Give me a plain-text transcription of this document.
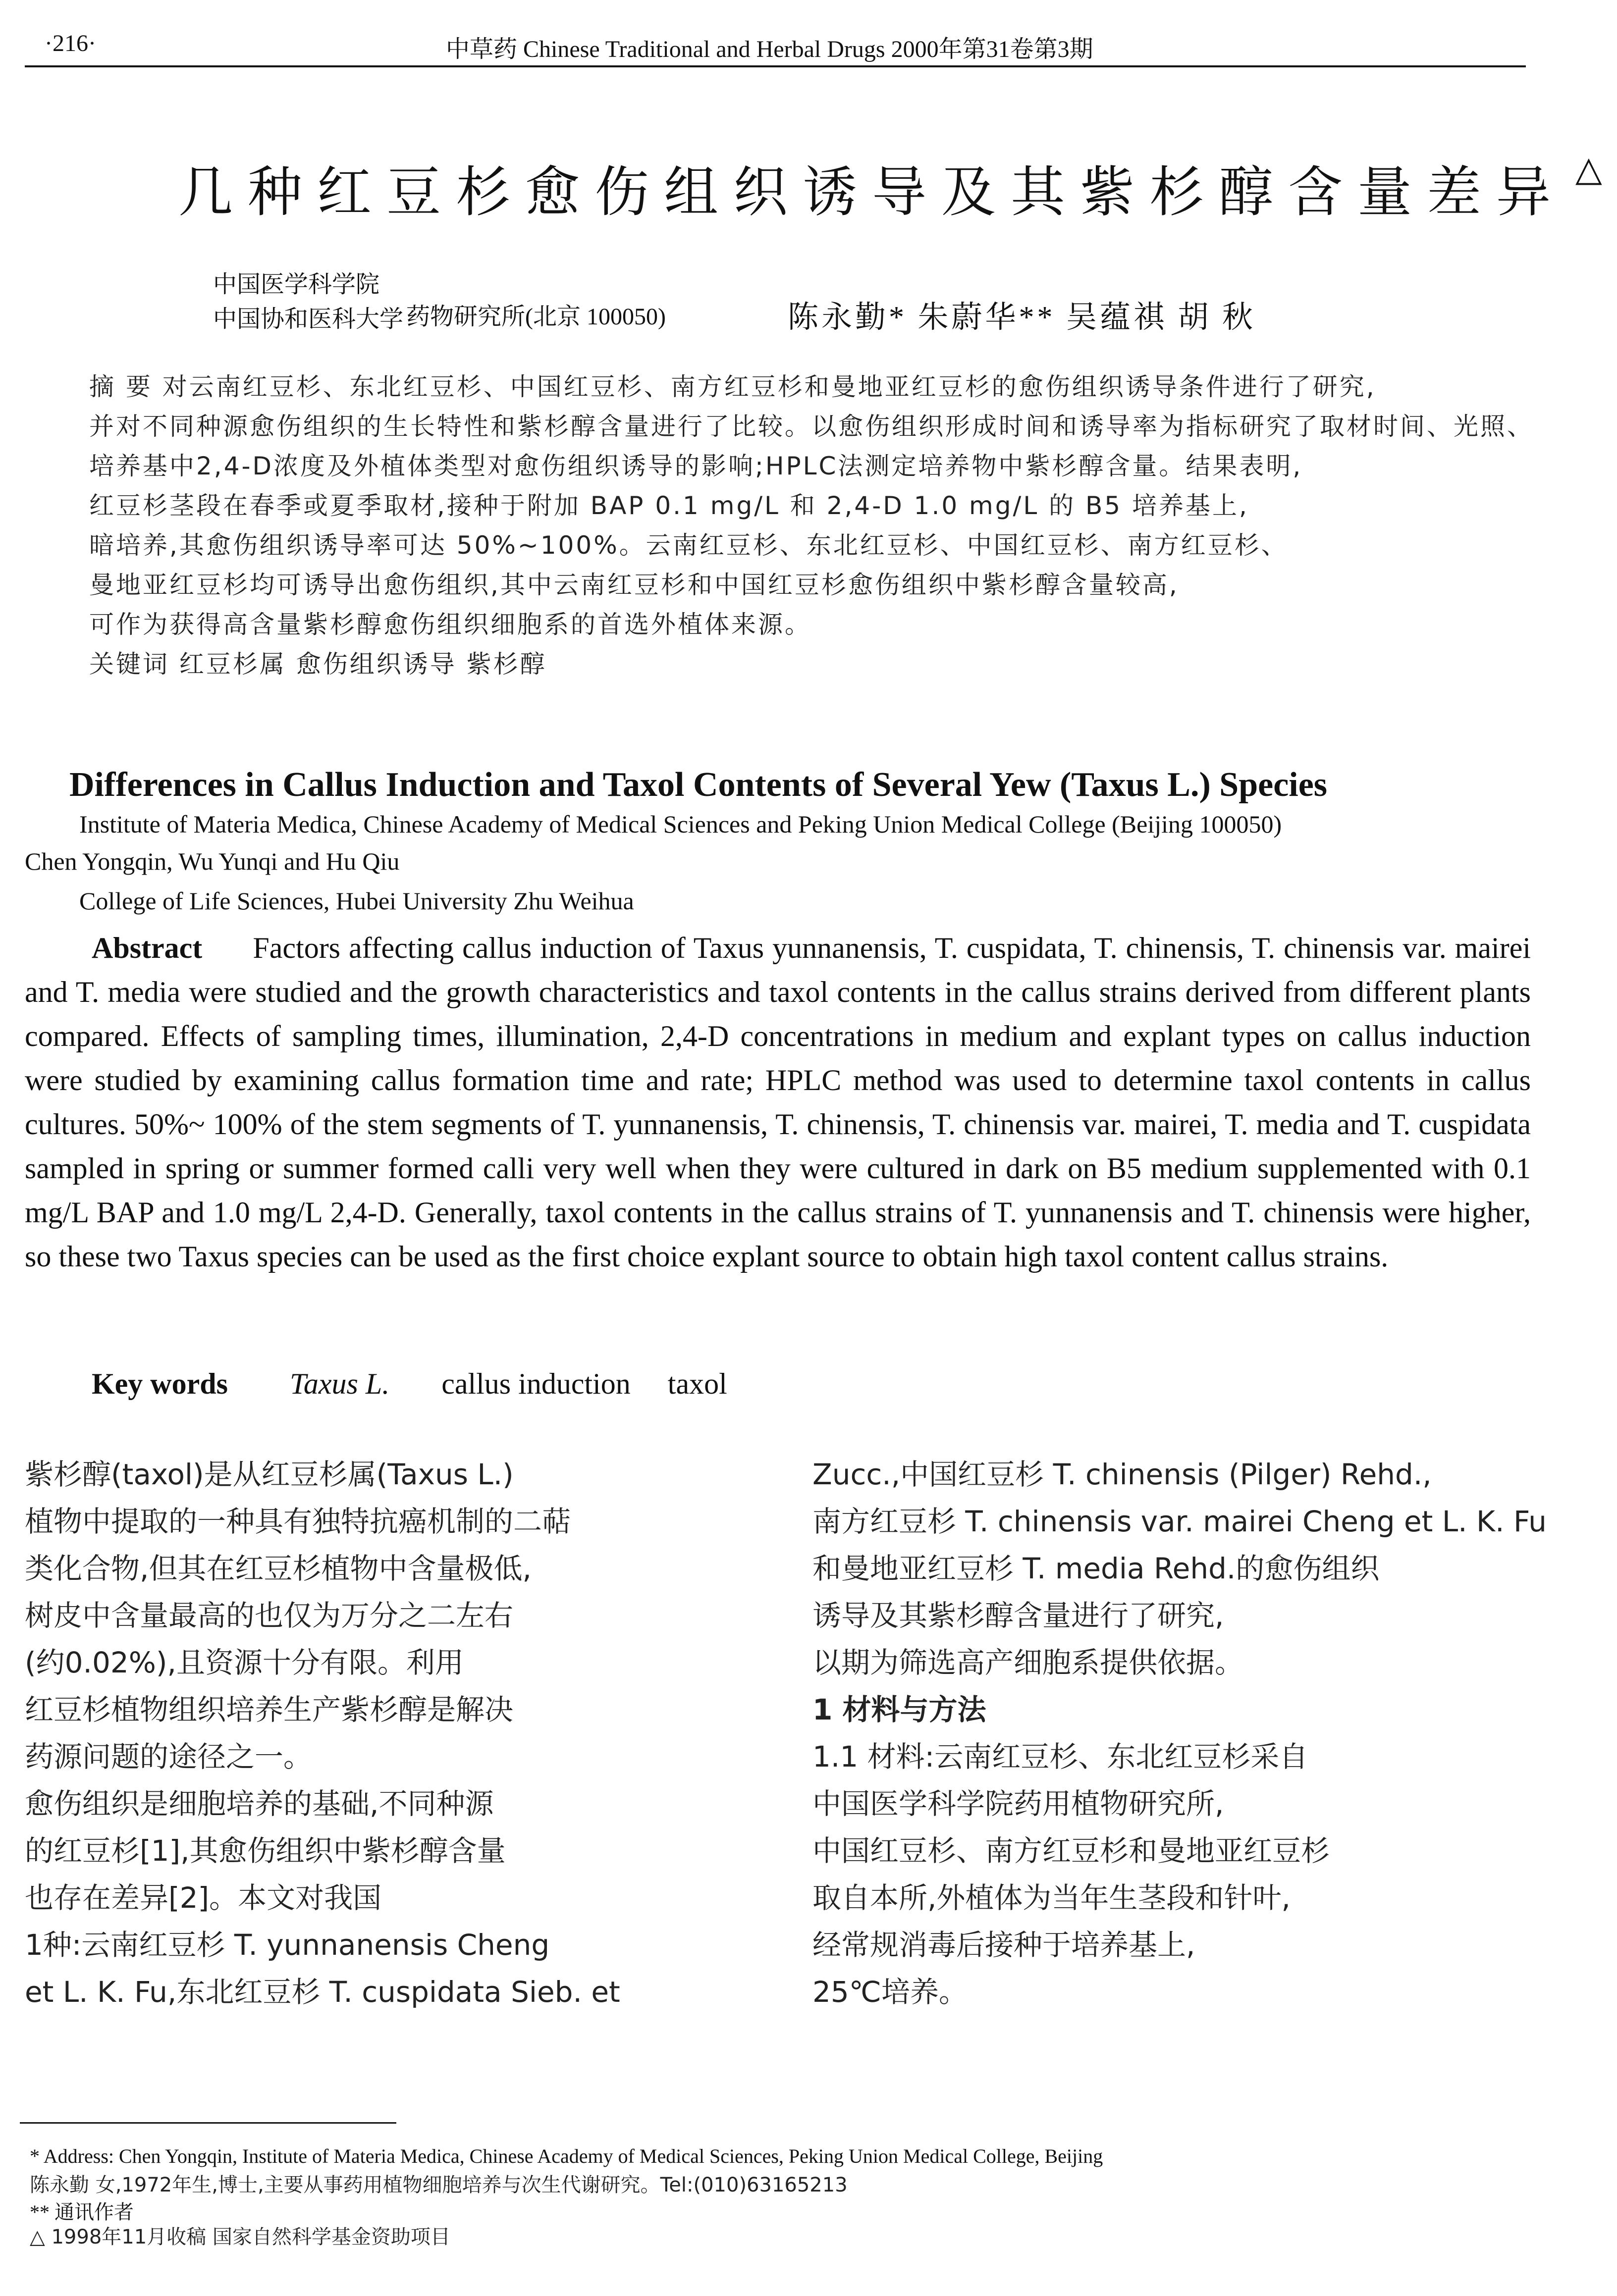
·216·	中草药 Chinese Traditional and Herbal Drugs 2000年第31卷第3期
几种红豆杉愈伤组织诱导及其紫杉醇含量差异 △
中国医学科学院
中国协和医科大学 药物研究所(北京 100050)	陈永勤* 朱蔚华** 吴蕴祺 胡 秋
摘 要 对云南红豆杉、东北红豆杉、中国红豆杉、南方红豆杉和曼地亚红豆杉的愈伤组织诱导条件进行了研究,
并对不同种源愈伤组织的生长特性和紫杉醇含量进行了比较。以愈伤组织形成时间和诱导率为指标研究了取材时间、光照、
培养基中2,4-D浓度及外植体类型对愈伤组织诱导的影响;HPLC法测定培养物中紫杉醇含量。结果表明,
红豆杉茎段在春季或夏季取材,接种于附加 BAP 0.1 mg/L 和 2,4-D 1.0 mg/L 的 B5 培养基上,
暗培养,其愈伤组织诱导率可达 50%~100%。云南红豆杉、东北红豆杉、中国红豆杉、南方红豆杉、
曼地亚红豆杉均可诱导出愈伤组织,其中云南红豆杉和中国红豆杉愈伤组织中紫杉醇含量较高,
可作为获得高含量紫杉醇愈伤组织细胞系的首选外植体来源。
关键词 红豆杉属 愈伤组织诱导 紫杉醇
Differences in Callus Induction and Taxol Contents of Several Yew (Taxus L.) Species
Institute of Materia Medica, Chinese Academy of Medical Sciences and Peking Union Medical College (Beijing 100050)
Chen Yongqin, Wu Yunqi and Hu Qiu
College of Life Sciences, Hubei University Zhu Weihua
Abstract Factors affecting callus induction of Taxus yunnanensis, T. cuspidata, T. chinensis, T. chinensis var. mairei and T. media were studied and the growth characteristics and taxol contents in the callus strains derived from different plants compared. Effects of sampling times, illumination, 2,4-D concentrations in medium and explant types on callus induction were studied by examining callus formation time and rate; HPLC method was used to determine taxol contents in callus cultures. 50%~ 100% of the stem segments of T. yunnanensis, T. chinensis, T. chinensis var. mairei, T. media and T. cuspidata sampled in spring or summer formed calli very well when they were cultured in dark on B5 medium supplemented with 0.1 mg/L BAP and 1.0 mg/L 2,4-D. Generally, taxol contents in the callus strains of T. yunnanensis and T. chinensis were higher, so these two Taxus species can be used as the first choice explant source to obtain high taxol content callus strains.
Key words Taxus L. callus induction taxol
紫杉醇(taxol)是从红豆杉属(Taxus L.)
植物中提取的一种具有独特抗癌机制的二萜
类化合物,但其在红豆杉植物中含量极低,
树皮中含量最高的也仅为万分之二左右
(约0.02%),且资源十分有限。利用
红豆杉植物组织培养生产紫杉醇是解决
药源问题的途径之一。
愈伤组织是细胞培养的基础,不同种源
的红豆杉[1],其愈伤组织中紫杉醇含量
也存在差异[2]。本文对我国
1种:云南红豆杉 T. yunnanensis Cheng
et L. K. Fu,东北红豆杉 T. cuspidata Sieb. et
Zucc.,中国红豆杉 T. chinensis (Pilger) Rehd.,
南方红豆杉 T. chinensis var. mairei Cheng et L. K. Fu
和曼地亚红豆杉 T. media Rehd.的愈伤组织
诱导及其紫杉醇含量进行了研究,
以期为筛选高产细胞系提供依据。
1 材料与方法
1.1 材料:云南红豆杉、东北红豆杉采自
中国医学科学院药用植物研究所,
中国红豆杉、南方红豆杉和曼地亚红豆杉
取自本所,外植体为当年生茎段和针叶,
经常规消毒后接种于培养基上,
25℃培养。
* Address: Chen Yongqin, Institute of Materia Medica, Chinese Academy of Medical Sciences, Peking Union Medical College, Beijing
陈永勤 女,1972年生,博士,主要从事药用植物细胞培养与次生代谢研究。Tel:(010)63165213
** 通讯作者
△ 1998年11月收稿 国家自然科学基金资助项目
